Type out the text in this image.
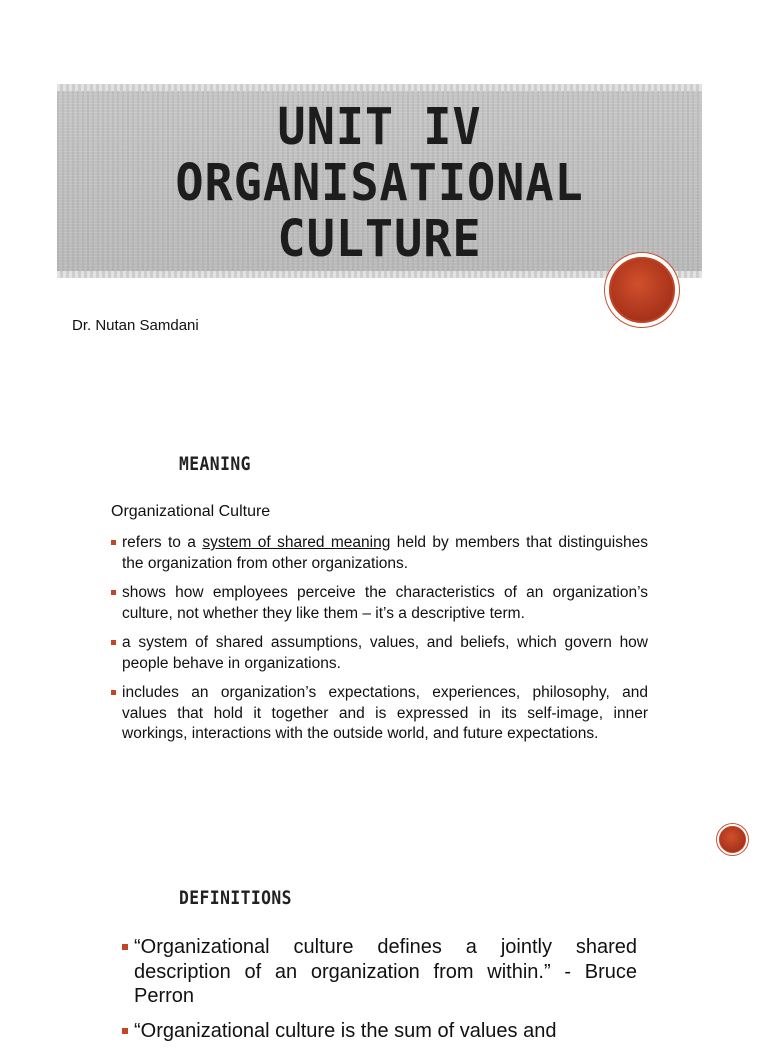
UNIT IV
ORGANISATIONAL
CULTURE
Dr. Nutan Samdani
MEANING
Organizational Culture
refers to a system of shared meaning held by members that distinguishes the organization from other organizations.
shows how employees perceive the characteristics of an organization’s culture, not whether they like them – it’s a descriptive term.
a system of shared assumptions, values, and beliefs, which govern how people behave in organizations.
includes an organization’s expectations, experiences, philosophy, and values that hold it together and is expressed in its self-image, inner workings, interactions with the outside world, and future expectations.
DEFINITIONS
“Organizational culture defines a jointly shared description of an organization from within.” - Bruce Perron
“Organizational culture is the sum of values and
